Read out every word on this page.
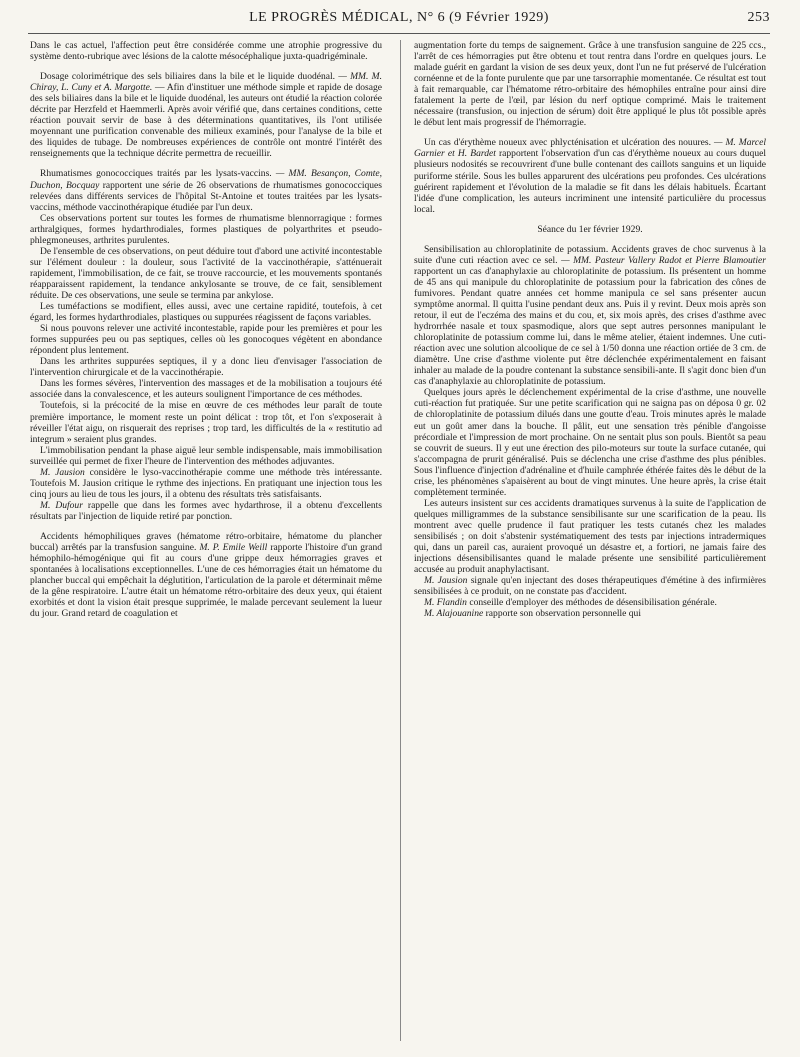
LE PROGRÈS MÉDICAL, N° 6 (9 Février 1929)	253

Dans le cas actuel, l'affection peut être considérée comme une atrophie progressive du système dento-rubrique avec lésions de la calotte mésocéphalique juxta-quadrigéminale.

Dosage colorimétrique des sels biliaires dans la bile et le liquide duodénal. — MM. M. Chiray, L. Cuny et A. Margotte. — Afin d'instituer une méthode simple et rapide de dosage des sels biliaires dans la bile et le liquide duodénal, les auteurs ont étudié la réaction colorée décrite par Herzfeld et Haemmerli. Après avoir vérifié que, dans certaines conditions, cette réaction pouvait servir de base à des déterminations quantitatives, ils l'ont utilisée moyennant une purification convenable des milieux examinés, pour l'analyse de la bile et des liquides de tubage. De nombreuses expériences de contrôle ont montré l'intérêt des renseignements que la technique décrite permettra de recueillir.

Rhumatismes gonococciques traités par les lysats-vaccins. — MM. Besançon, Comte, Duchon, Bocquay rapportent une série de 26 observations de rhumatismes gonococciques relevées dans différents services de l'hôpital St-Antoine et toutes traitées par les lysats-vaccins, méthode vaccinothérapique étudiée par l'un deux.

Ces observations portent sur toutes les formes de rhumatisme blennorragique : formes arthralgiques, formes hydarthrodiales, formes plastiques de polyarthrites et pseudo-phlegmoneuses, arthrites purulentes.

De l'ensemble de ces observations, on peut déduire tout d'abord une activité incontestable sur l'élément douleur : la douleur, sous l'activité de la vaccinothérapie, s'atténuerait rapidement, l'immobilisation, de ce fait, se trouve raccourcie, et les mouvements spontanés réapparaissent rapidement, la tendance ankylosante se trouve, de ce fait, sensiblement réduite. De ces observations, une seule se termina par ankylose.

Les tuméfactions se modifient, elles aussi, avec une certaine rapidité, toutefois, à cet égard, les formes hydarthrodiales, plastiques ou suppurées réagissent de façons variables.

Si nous pouvons relever une activité incontestable, rapide pour les premières et pour les formes suppurées peu ou pas septiques, celles où les gonocoques végètent en abondance répondent plus lentement.

Dans les arthrites suppurées septiques, il y a donc lieu d'envisager l'association de l'intervention chirurgicale et de la vaccinothérapie.

Dans les formes sévères, l'intervention des massages et de la mobilisation a toujours été associée dans la convalescence, et les auteurs soulignent l'importance de ces méthodes.

Toutefois, si la précocité de la mise en œuvre de ces méthodes leur paraît de toute première importance, le moment reste un point délicat : trop tôt, et l'on s'exposerait à réveiller l'état aigu, on risquerait des reprises ; trop tard, les difficultés de la « restitutio ad integrum » seraient plus grandes.

L'immobilisation pendant la phase aiguë leur semble indispensable, mais immobilisation surveillée qui permet de fixer l'heure de l'intervention des méthodes adjuvantes.

M. Jausion considère le lyso-vaccinothérapie comme une méthode très intéressante. Toutefois M. Jausion critique le rythme des injections. En pratiquant une injection tous les cinq jours au lieu de tous les jours, il a obtenu des résultats très satisfaisants.

M. Dufour rappelle que dans les formes avec hydarthrose, il a obtenu d'excellents résultats par l'injection de liquide retiré par ponction.

Accidents hémophiliques graves (hématome rétro-orbitaire, hématome du plancher buccal) arrêtés par la transfusion sanguine. M. P. Emile Weill rapporte l'histoire d'un grand hémophilo-hémogénique qui fit au cours d'une grippe deux hémorragies graves et spontanées à localisations exceptionnelles. L'une de ces hémorragies était un hématome du plancher buccal qui empêchait la déglutition, l'articulation de la parole et déterminait même de la gêne respiratoire. L'autre était un hématome rétro-orbitaire des deux yeux, qui étaient exorbités et dont la vision était presque supprimée, le malade percevant seulement la lueur du jour. Grand retard de coagulation et

augmentation forte du temps de saignement. Grâce à une transfusion sanguine de 225 ccs., l'arrêt de ces hémorragies put être obtenu et tout rentra dans l'ordre en quelques jours. Le malade guérit en gardant la vision de ses deux yeux, dont l'un ne fut préservé de l'ulcération cornéenne et de la fonte purulente que par une tarsorraphie momentanée. Ce résultat est tout à fait remarquable, car l'hématome rétro-orbitaire des hémophiles entraîne pour ainsi dire fatalement la perte de l'œil, par lésion du nerf optique comprimé. Mais le traitement nécessaire (transfusion, ou injection de sérum) doit être appliqué le plus tôt possible après le début lent mais progressif de l'hémorragie.

Un cas d'érythème noueux avec phlycténisation et ulcération des nouures. — M. Marcel Garnier et H. Bardet rapportent l'observation d'un cas d'érythème noueux au cours duquel plusieurs nodosités se recouvrirent d'une bulle contenant des caillots sanguins et un liquide puriforme stérile. Sous les bulles apparurent des ulcérations peu profondes. Ces ulcérations guérirent rapidement et l'évolution de la maladie se fit dans les délais habituels. Écartant l'idée d'une complication, les auteurs incriminent une intensité particulière du processus local.

Séance du 1er février 1929.

Sensibilisation au chloroplatinite de potassium. Accidents graves de choc survenus à la suite d'une cuti réaction avec ce sel. — MM. Pasteur Vallery Radot et Pierre Blamoutier rapportent un cas d'anaphylaxie au chloroplatinite de potassium. Ils présentent un homme de 45 ans qui manipule du chloroplatinite de potassium pour la fabrication des cônes de fumivores. Pendant quatre années cet homme manipula ce sel sans présenter aucun symptôme anormal. Il quitta l'usine pendant deux ans. Puis il y revint. Deux mois après son retour, il eut de l'eczéma des mains et du cou, et, six mois après, des crises d'asthme avec hydrorrhée nasale et toux spasmodique, alors que sept autres personnes manipulant le chloroplatinite de potassium comme lui, dans le même atelier, étaient indemnes. Une cuti-réaction avec une solution alcoolique de ce sel à 1/50 donna une réaction ortiée de 3 cm. de diamètre. Une crise d'asthme violente put être déclenchée expérimentalement en faisant inhaler au malade de la poudre contenant la substance sensibili-ante. Il s'agit donc bien d'un cas d'anaphylaxie au chloroplatinite de potassium.

Quelques jours après le déclenchement expérimental de la crise d'asthme, une nouvelle cuti-réaction fut pratiquée. Sur une petite scarification qui ne saigna pas on déposa 0 gr. 02 de chloroplatinite de potassium dilués dans une goutte d'eau. Trois minutes après le malade eut un goût amer dans la bouche. Il pâlit, eut une sensation très pénible d'angoisse précordiale et l'impression de mort prochaine. On ne sentait plus son pouls. Bientôt sa peau se couvrit de sueurs. Il y eut une érection des pilo-moteurs sur toute la surface cutanée, qui s'accompagna de prurit généralisé. Puis se déclencha une crise d'asthme des plus pénibles. Sous l'influence d'injection d'adrénaline et d'huile camphrée éthérée faites dès le début de la crise, les phénomènes s'apaisèrent au bout de vingt minutes. Une heure après, la crise était complètement terminée.

Les auteurs insistent sur ces accidents dramatiques survenus à la suite de l'application de quelques milligrammes de la substance sensibilisante sur une scarification de la peau. Ils montrent avec quelle prudence il faut pratiquer les tests cutanés chez les malades sensibilisés ; on doit s'abstenir systématiquement des tests par injections intradermiques qui, dans un pareil cas, auraient provoqué un désastre et, a fortiori, ne jamais faire des injections désensibilisantes quand le malade présente une sensibilité particulièrement accusée au produit anaphylactisant.

M. Jausion signale qu'en injectant des doses thérapeutiques d'émétine à des infirmières sensibilisées à ce produit, on ne constate pas d'accident.

M. Flandin conseille d'employer des méthodes de désensibilisation générale.

M. Alajouanine rapporte son observation personnelle qui
